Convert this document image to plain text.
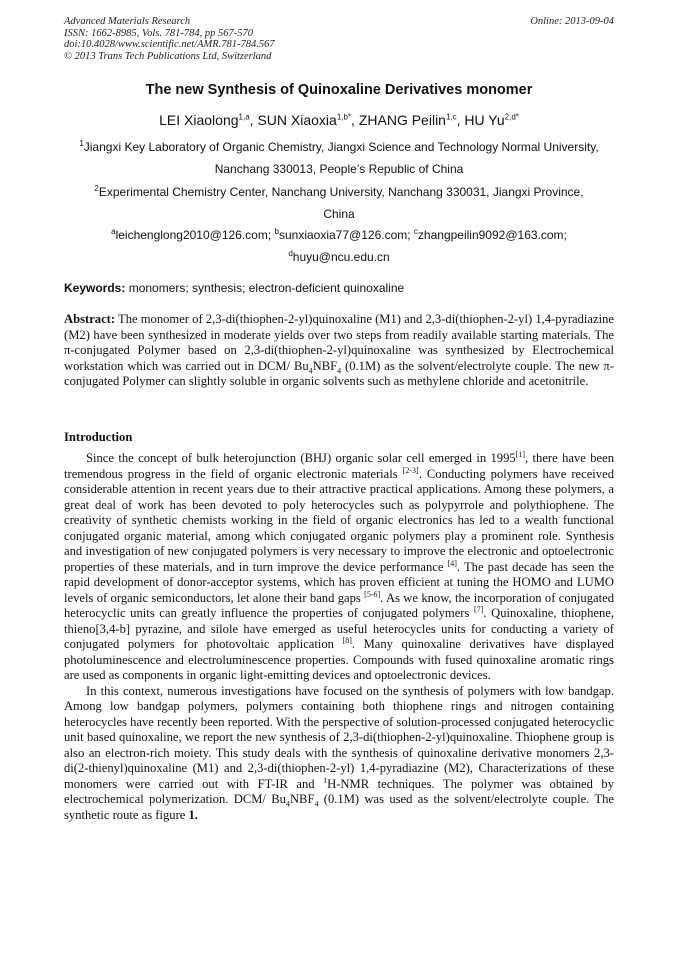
Advanced Materials Research
ISSN: 1662-8985, Vols. 781-784, pp 567-570
doi:10.4028/www.scientific.net/AMR.781-784.567
© 2013 Trans Tech Publications Ltd, Switzerland
Online: 2013-09-04
The new Synthesis of Quinoxaline Derivatives monomer
LEI Xiaolong$^{1,a}$, SUN Xiaoxia$^{1,b*}$, ZHANG Peilin$^{1,c}$, HU $Yu^{2,d*}$
$^1$Jiangxi Key Laboratory of Organic Chemistry, Jiangxi Science and Technology Normal University,
Nanchang 330013, People’s Republic of China
$^2$Experimental Chemistry Center, Nanchang University, Nanchang 330031, Jiangxi Province,
China
$^a$leichenglong2010@126.com; $^b$sunxiaoxia77@126.com; $^c$zhangpeilin9092@163.com;
$^d$huyu@ncu.edu.cn
Keywords: monomers; synthesis; electron-deficient quinoxaline
Abstract: The monomer of 2,3-di(thiophen-2-yl)quinoxaline (M1) and 2,3-di(thiophen-2-yl) 1,4-pyradiazine (M2) have been synthesized in moderate yields over two steps from readily available starting materials. The π-conjugated Polymer based on 2,3-di(thiophen-2-yl)quinoxaline was synthesized by Electrochemical workstation which was carried out in DCM/ $Bu_4NBF_4$ (0.1M) as the solvent/electrolyte couple. The new π-conjugated Polymer can slightly soluble in organic solvents such as methylene chloride and acetonitrile.
Introduction

Since the concept of bulk heterojunction (BHJ) organic solar cell emerged in 1995[1], there have been tremendous progress in the field of organic electronic materials [2-3]. Conducting polymers have received considerable attention in recent years due to their attractive practical applications. Among these polymers, a great deal of work has been devoted to poly heterocycles such as polypyrrole and polythiophene. The creativity of synthetic chemists working in the field of organic electronics has led to a wealth functional conjugated organic material, among which conjugated organic polymers play a prominent role. Synthesis and investigation of new conjugated polymers is very necessary to improve the electronic and optoelectronic properties of these materials, and in turn improve the device performance [4]. The past decade has seen the rapid development of donor-acceptor systems, which has proven efficient at tuning the HOMO and LUMO levels of organic semiconductors, let alone their band gaps [5-6]. As we know, the incorporation of conjugated heterocyclic units can greatly influence the properties of conjugated polymers [7]. Quinoxaline, thiophene, thieno[3,4-b] pyrazine, and silole have emerged as useful heterocycles units for conducting a variety of conjugated polymers for photovoltaic application [8]. Many quinoxaline derivatives have displayed photoluminescence and electroluminescence properties. Compounds with fused quinoxaline aromatic rings are used as components in organic light-emitting devices and optoelectronic devices.

In this context, numerous investigations have focused on the synthesis of polymers with low bandgap. Among low bandgap polymers, polymers containing both thiophene rings and nitrogen containing heterocycles have recently been reported. With the perspective of solution-processed conjugated heterocyclic unit based quinoxaline, we report the new synthesis of 2,3-di(thiophen-2-yl)quinoxaline. Thiophene group is also an electron-rich moiety. This study deals with the synthesis of quinoxaline derivative monomers 2,3-di(2-thienyl)quinoxaline (M1) and 2,3-di(thiophen-2-yl) 1,4-pyradiazine (M2), Characterizations of these monomers were carried out with FT-IR and $^1$H-NMR techniques. The polymer was obtained by electrochemical polymerization. DCM/ $Bu_4NBF_4$ (0.1M) was used as the solvent/electrolyte couple. The synthetic route as figure 1.
